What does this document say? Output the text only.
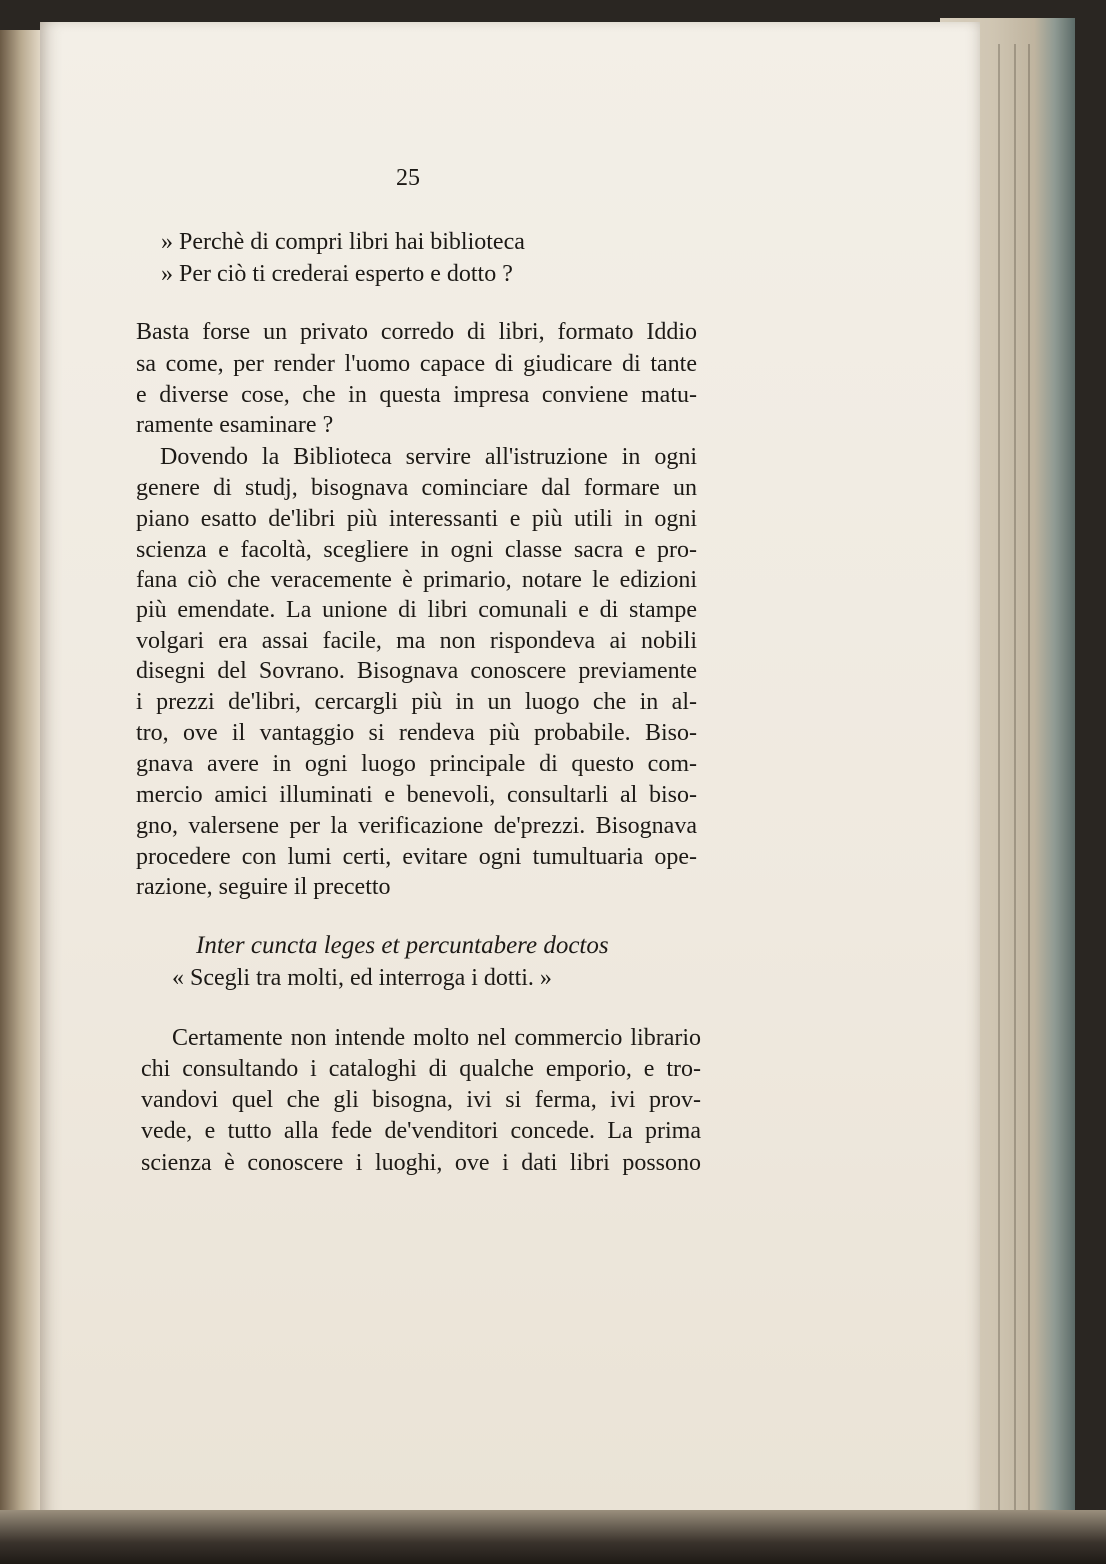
25
» Perchè di compri libri hai biblioteca
» Per ciò ti crederai esperto e dotto ?
Basta forse un privato corredo di libri, formato Iddio
sa come, per render l'uomo capace di giudicare di tante
e diverse cose, che in questa impresa conviene matu-
ramente esaminare ?
Dovendo la Biblioteca servire all'istruzione in ogni
genere di studj, bisognava cominciare dal formare un
piano esatto de'libri più interessanti e più utili in ogni
scienza e facoltà, scegliere in ogni classe sacra e pro-
fana ciò che veracemente è primario, notare le edizioni
più emendate. La unione di libri comunali e di stampe
volgari era assai facile, ma non rispondeva ai nobili
disegni del Sovrano. Bisognava conoscere previamente
i prezzi de'libri, cercargli più in un luogo che in al-
tro, ove il vantaggio si rendeva più probabile. Biso-
gnava avere in ogni luogo principale di questo com-
mercio amici illuminati e benevoli, consultarli al biso-
gno, valersene per la verificazione de'prezzi. Bisognava
procedere con lumi certi, evitare ogni tumultuaria ope-
razione, seguire il precetto
Inter cuncta leges et percuntabere doctos
« Scegli tra molti, ed interroga i dotti. »
Certamente non intende molto nel commercio librario
chi consultando i cataloghi di qualche emporio, e tro-
vandovi quel che gli bisogna, ivi si ferma, ivi prov-
vede, e tutto alla fede de'venditori concede. La prima
scienza è conoscere i luoghi, ove i dati libri possono
